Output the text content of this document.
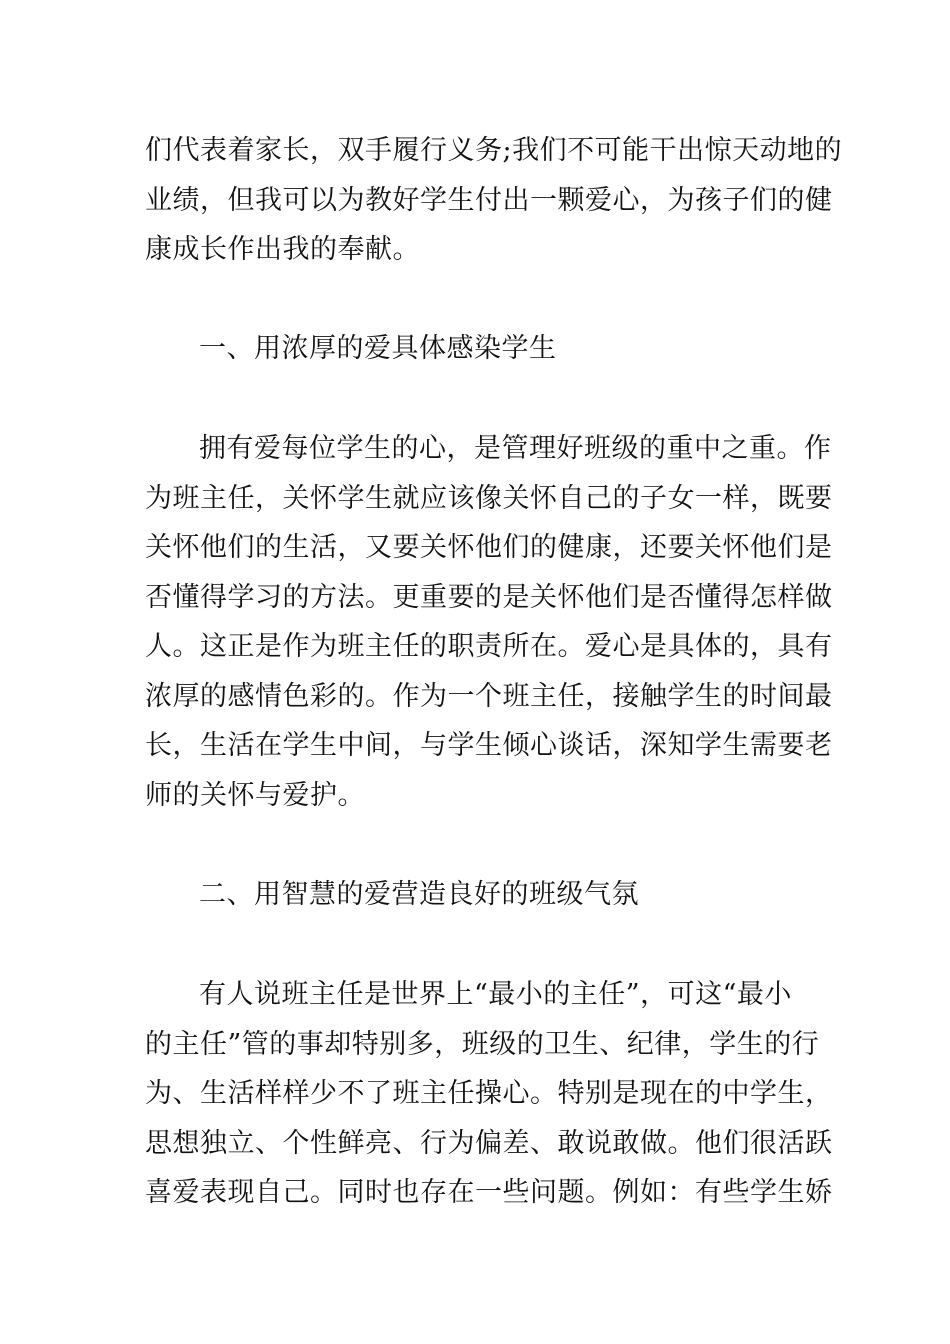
们代表着家长，双手履行义务;我们不可能干出惊天动地的
业绩，但我可以为教好学生付出一颗爱心，为孩子们的健
康成长作出我的奉献。
一、用浓厚的爱具体感染学生
拥有爱每位学生的心，是管理好班级的重中之重。作
为班主任，关怀学生就应该像关怀自己的子女一样，既要
关怀他们的生活，又要关怀他们的健康，还要关怀他们是
否懂得学习的方法。更重要的是关怀他们是否懂得怎样做
人。这正是作为班主任的职责所在。爱心是具体的，具有
浓厚的感情色彩的。作为一个班主任，接触学生的时间最
长，生活在学生中间，与学生倾心谈话，深知学生需要老
师的关怀与爱护。
二、用智慧的爱营造良好的班级气氛
有人说班主任是世界上“最小的主任”，可这“最小
的主任”管的事却特别多，班级的卫生、纪律，学生的行
为、生活样样少不了班主任操心。特别是现在的中学生，
思想独立、个性鲜亮、行为偏差、敢说敢做。他们很活跃
喜爱表现自己。同时也存在一些问题。例如：有些学生娇
